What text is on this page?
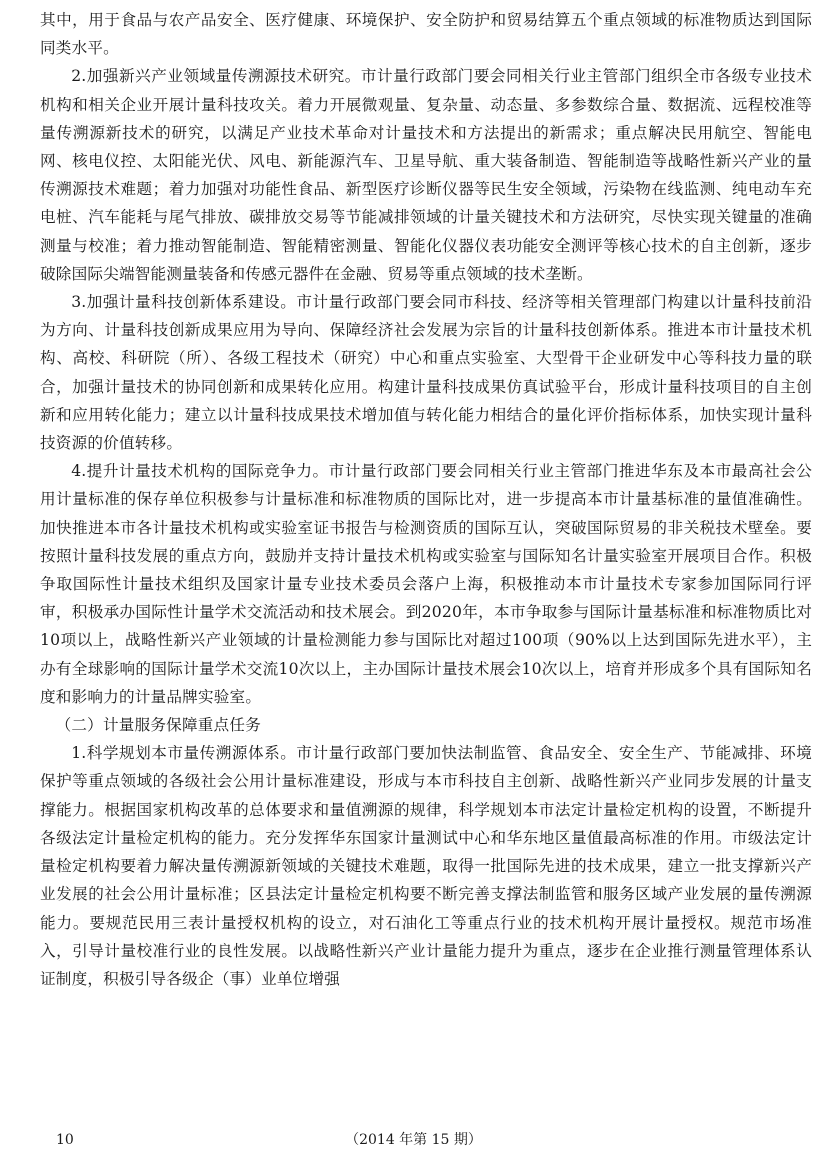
其中，用于食品与农产品安全、医疗健康、环境保护、安全防护和贸易结算五个重点领域的标准物质达到国际同类水平。

2.加强新兴产业领域量传溯源技术研究。市计量行政部门要会同相关行业主管部门组织全市各级专业技术机构和相关企业开展计量科技攻关。着力开展微观量、复杂量、动态量、多参数综合量、数据流、远程校准等量传溯源新技术的研究，以满足产业技术革命对计量技术和方法提出的新需求；重点解决民用航空、智能电网、核电仪控、太阳能光伏、风电、新能源汽车、卫星导航、重大装备制造、智能制造等战略性新兴产业的量传溯源技术难题；着力加强对功能性食品、新型医疗诊断仪器等民生安全领域，污染物在线监测、纯电动车充电桩、汽车能耗与尾气排放、碳排放交易等节能减排领域的计量关键技术和方法研究，尽快实现关键量的准确测量与校准；着力推动智能制造、智能精密测量、智能化仪器仪表功能安全测评等核心技术的自主创新，逐步破除国际尖端智能测量装备和传感元器件在金融、贸易等重点领域的技术垄断。

3.加强计量科技创新体系建设。市计量行政部门要会同市科技、经济等相关管理部门构建以计量科技前沿为方向、计量科技创新成果应用为导向、保障经济社会发展为宗旨的计量科技创新体系。推进本市计量技术机构、高校、科研院（所）、各级工程技术（研究）中心和重点实验室、大型骨干企业研发中心等科技力量的联合，加强计量技术的协同创新和成果转化应用。构建计量科技成果仿真试验平台，形成计量科技项目的自主创新和应用转化能力；建立以计量科技成果技术增加值与转化能力相结合的量化评价指标体系，加快实现计量科技资源的价值转移。

4.提升计量技术机构的国际竞争力。市计量行政部门要会同相关行业主管部门推进华东及本市最高社会公用计量标准的保存单位积极参与计量标准和标准物质的国际比对，进一步提高本市计量基标准的量值准确性。加快推进本市各计量技术机构或实验室证书报告与检测资质的国际互认，突破国际贸易的非关税技术壁垒。要按照计量科技发展的重点方向，鼓励并支持计量技术机构或实验室与国际知名计量实验室开展项目合作。积极争取国际性计量技术组织及国家计量专业技术委员会落户上海，积极推动本市计量技术专家参加国际同行评审，积极承办国际性计量学术交流活动和技术展会。到2020年，本市争取参与国际计量基标准和标准物质比对10项以上，战略性新兴产业领域的计量检测能力参与国际比对超过100项（90%以上达到国际先进水平），主办有全球影响的国际计量学术交流10次以上，主办国际计量技术展会10次以上，培育并形成多个具有国际知名度和影响力的计量品牌实验室。

（二）计量服务保障重点任务

1.科学规划本市量传溯源体系。市计量行政部门要加快法制监管、食品安全、安全生产、节能减排、环境保护等重点领域的各级社会公用计量标准建设，形成与本市科技自主创新、战略性新兴产业同步发展的计量支撑能力。根据国家机构改革的总体要求和量值溯源的规律，科学规划本市法定计量检定机构的设置，不断提升各级法定计量检定机构的能力。充分发挥华东国家计量测试中心和华东地区量值最高标准的作用。市级法定计量检定机构要着力解决量传溯源新领域的关键技术难题，取得一批国际先进的技术成果，建立一批支撑新兴产业发展的社会公用计量标准；区县法定计量检定机构要不断完善支撑法制监管和服务区域产业发展的量传溯源能力。要规范民用三表计量授权机构的设立，对石油化工等重点行业的技术机构开展计量授权。规范市场准入，引导计量校准行业的良性发展。以战略性新兴产业计量能力提升为重点，逐步在企业推行测量管理体系认证制度，积极引导各级企（事）业单位增强

10	（2014 年第 15 期）
